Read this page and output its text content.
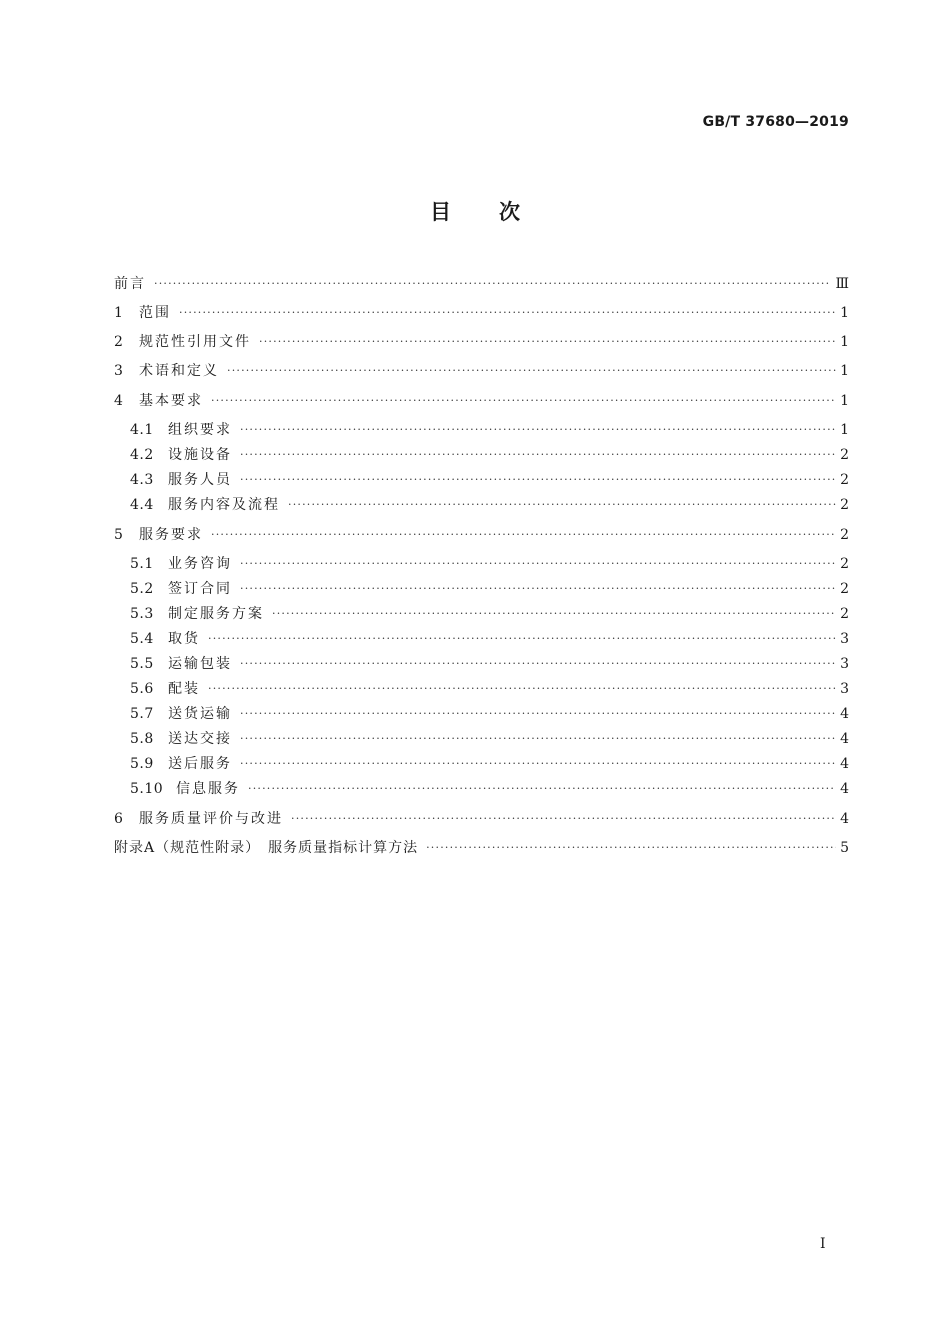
GB/T 37680—2019
目次
前言 ·····	Ⅲ
1	范围 ·····	1
2	规范性引用文件 ·····	1
3	术语和定义 ·····	1
4	基本要求 ·····	1
4.1	组织要求 ·····	1
4.2	设施设备 ·····	2
4.3	服务人员 ·····	2
4.4	服务内容及流程 ·····	2
5	服务要求 ·····	2
5.1	业务咨询 ·····	2
5.2	签订合同 ·····	2
5.3	制定服务方案 ·····	2
5.4	取货 ·····	3
5.5	运输包装 ·····	3
5.6	配装 ·····	3
5.7	送货运输 ·····	4
5.8	送达交接 ·····	4
5.9	送后服务 ·····	4
5.10 信息服务 ·····	4
6	服务质量评价与改进 ·····	4
附录A（规范性附录）　服务质量指标计算方法 ·····	5
Ⅰ
